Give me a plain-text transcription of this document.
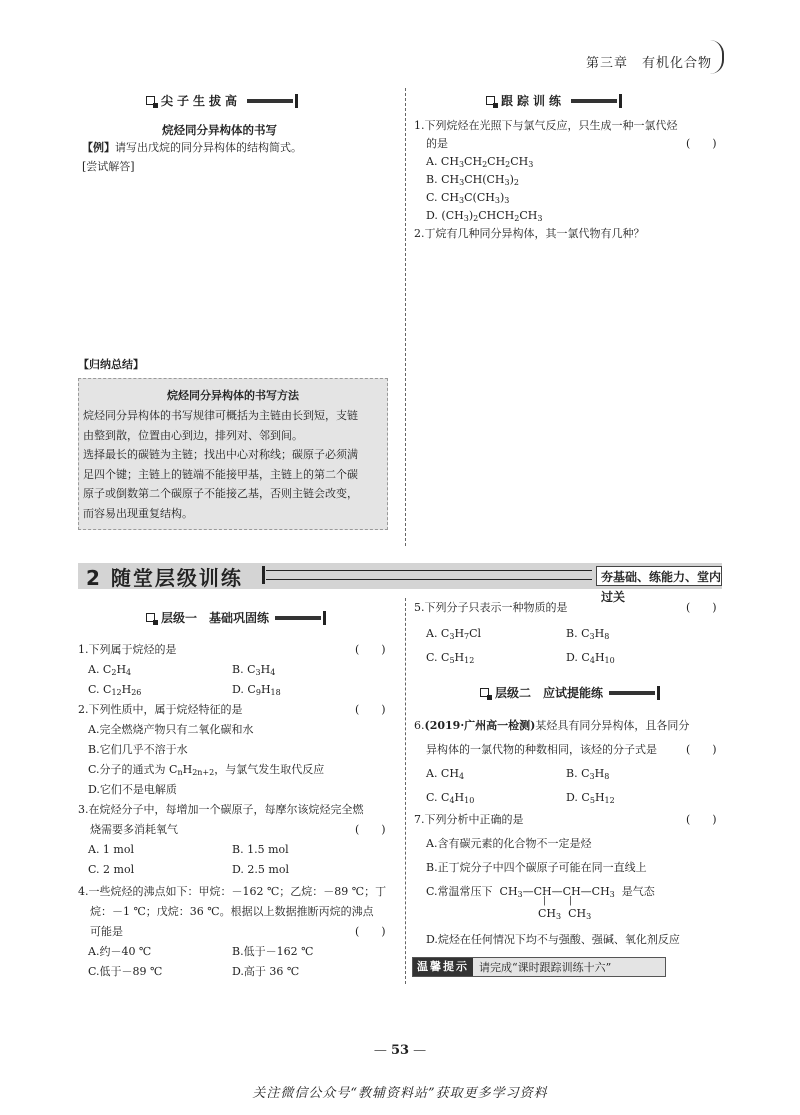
第三章　有机化合物
尖子生拔高
烷烃同分异构体的书写
【例】请写出戊烷的同分异构体的结构简式。
[尝试解答]
【归纳总结】
烷烃同分异构体的书写方法

烷烃同分异构体的书写规律可概括为主链由长到短，支链

由整到散，位置由心到边，排列对、邻到间。

选择最长的碳链为主链；找出中心对称线；碳原子必须满

足四个键；主链上的链端不能接甲基，主链上的第二个碳

原子或倒数第二个碳原子不能接乙基，否则主链会改变，

而容易出现重复结构。

跟踪训练
1.下列烷烃在光照下与氯气反应，只生成一种一氯代烃
的是	(　　)
A. $CH_3CH_2CH_2CH_3$
B. $CH_3CH(CH_3)_2$
C. $CH_3C(CH_3)_3$
D. $(CH_3)_2CHCH_2CH_3$
2.丁烷有几种同分异构体，其一氯代物有几种？
2 随堂层级训练	夯基础、练能力、堂内过关
层级一　基础巩固练
1.下列属于烷烃的是	(　　)
A. $C_2H_4$	B. $C_3H_4$
C. $C_{12}H_{26}$	D. $C_9H_{18}$
2.下列性质中，属于烷烃特征的是	(　　)
A.完全燃烧产物只有二氧化碳和水
B.它们几乎不溶于水
C.分子的通式为 $C_nH_{2n+2}$，与氯气发生取代反应
D.它们不是电解质
3.在烷烃分子中，每增加一个碳原子，每摩尔该烷烃完全燃
烧需要多消耗氧气	(　　)
A. 1 mol	B. 1.5 mol
C. 2 mol	D. 2.5 mol
4.一些烷烃的沸点如下：甲烷：－162 ℃；乙烷：－89 ℃；丁
烷：－1 ℃；戊烷：36 ℃。根据以上数据推断丙烷的沸点
可能是	(　　)
A.约－40 ℃	B.低于－162 ℃
C.低于－89 ℃	D.高于 36 ℃
5.下列分子只表示一种物质的是	(　　)
A. $C_3H_7Cl$	B. $C_3H_8$
C. $C_5H_{12}$	D. $C_4H_{10}$
层级二　应试提能练
6.(2019·广州高一检测)某烃具有同分异构体，且各同分
异构体的一氯代物的种数相同，该烃的分子式是	(　　)
A. $CH_4$	B. $C_3H_8$
C. $C_4H_{10}$	D. $C_5H_{12}$
7.下列分析中正确的是	(　　)
A.含有碳元素的化合物不一定是烃
B.正丁烷分子中四个碳原子可能在同一直线上
C.常温常压下  $CH_3—CH—CH—CH_3$ 是气态
|        |
$CH_3$  $CH_3$
D.烷烃在任何情况下均不与强酸、强碱、氧化剂反应
温馨提示 请完成“课时跟踪训练十六”
— 53 —
关注微信公众号“教辅资料站”获取更多学习资料
